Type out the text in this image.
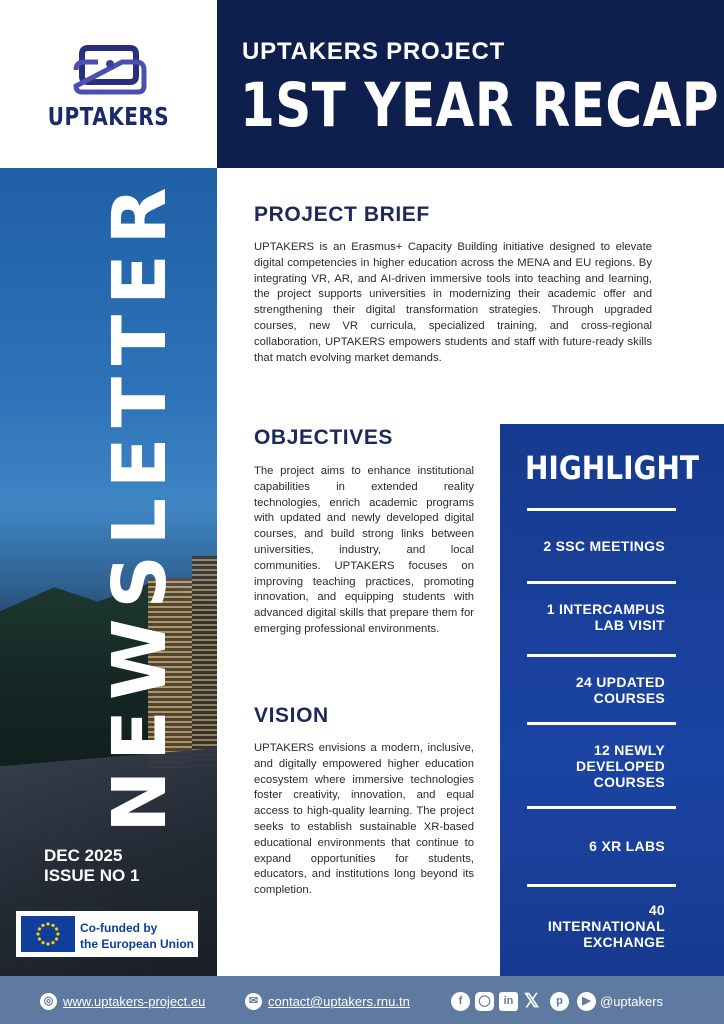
UPTAKERS
UPTAKERS PROJECT
1ST YEAR RECAP
NEWSLETTER
DEC 2025
ISSUE NO 1
Co-funded by
the European Union
PROJECT BRIEF
UPTAKERS is an Erasmus+ Capacity Building initiative designed to elevate digital competencies in higher education across the MENA and EU regions. By integrating VR, AR, and AI-driven immersive tools into teaching and learning, the project supports universities in modernizing their academic offer and strengthening their digital transformation strategies. Through upgraded courses, new VR curricula, specialized training, and cross-regional collaboration, UPTAKERS empowers students and staff with future-ready skills that match evolving market demands.
OBJECTIVES
The project aims to enhance institutional capabilities in extended reality technologies, enrich academic programs with updated and newly developed digital courses, and build strong links between universities, industry, and local communities. UPTAKERS focuses on improving teaching practices, promoting innovation, and equipping students with advanced digital skills that prepare them for emerging professional environments.
VISION
UPTAKERS envisions a modern, inclusive, and digitally empowered higher education ecosystem where immersive technologies foster creativity, innovation, and equal access to high-quality learning. The project seeks to establish sustainable XR-based educational environments that continue to expand opportunities for students, educators, and institutions long beyond its completion.
HIGHLIGHT
2 SSC MEETINGS
1 INTERCAMPUS
LAB VISIT
24 UPDATED
COURSES
12 NEWLY
DEVELOPED
COURSES
6 XR LABS
40
INTERNATIONAL
EXCHANGE
◎ www.uptakers-project.eu	✉ contact@uptakers.rnu.tn	f	◯	in 𝕏	p	▶ @uptakers
